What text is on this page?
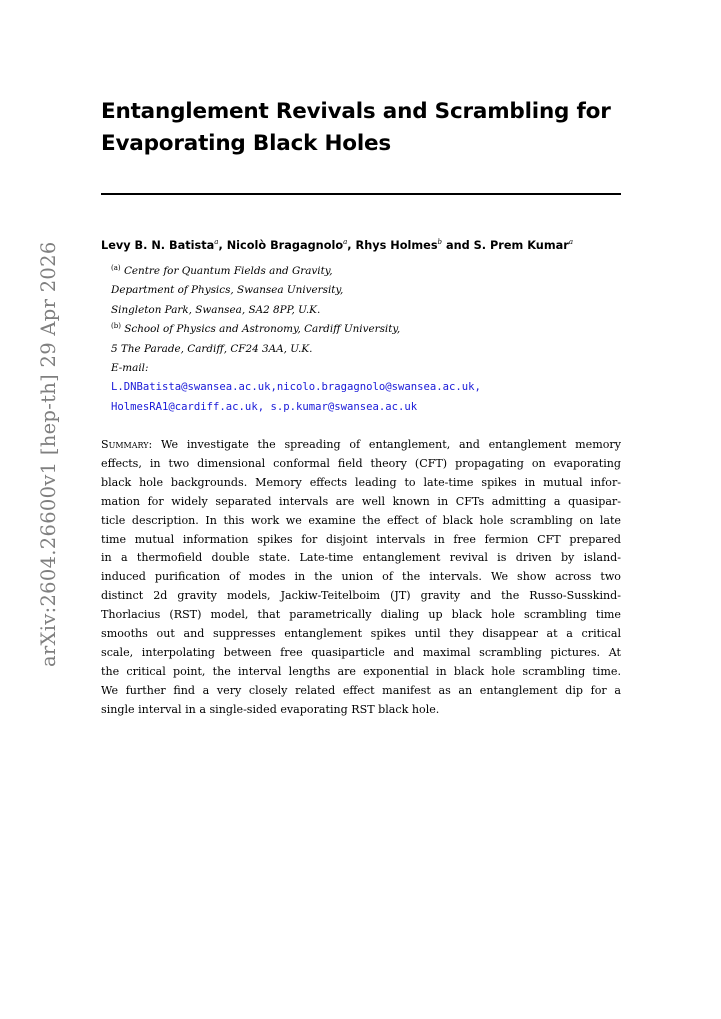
arXiv:2604.26600v1 [hep-th] 29 Apr 2026
Entanglement Revivals and Scrambling for
Evaporating Black Holes
Levy B. N. Batista$^a$, Nicolò Bragagnolo$^a$, Rhys Holmes$^b$ and S. Prem Kumar$^a$
$^{(a)}$ Centre for Quantum Fields and Gravity,
Department of Physics, Swansea University,
Singleton Park, Swansea, SA2 8PP, U.K.
$^{(b)}$ School of Physics and Astronomy, Cardiff University,
5 The Parade, Cardiff, CF24 3AA, U.K.
E-mail:
L.DNBatista@swansea.ac.uk,nicolo.bragagnolo@swansea.ac.uk,
HolmesRA1@cardiff.ac.uk, s.p.kumar@swansea.ac.uk
Summary: We investigate the spreading of entanglement, and entanglement memory
effects, in two dimensional conformal field theory (CFT) propagating on evaporating
black hole backgrounds. Memory effects leading to late-time spikes in mutual infor-
mation for widely separated intervals are well known in CFTs admitting a quasipar-
ticle description. In this work we examine the effect of black hole scrambling on late
time mutual information spikes for disjoint intervals in free fermion CFT prepared
in a thermofield double state. Late-time entanglement revival is driven by island-
induced purification of modes in the union of the intervals. We show across two
distinct 2d gravity models, Jackiw-Teitelboim (JT) gravity and the Russo-Susskind-
Thorlacius (RST) model, that parametrically dialing up black hole scrambling time
smooths out and suppresses entanglement spikes until they disappear at a critical
scale, interpolating between free quasiparticle and maximal scrambling pictures. At
the critical point, the interval lengths are exponential in black hole scrambling time.
We further find a very closely related effect manifest as an entanglement dip for a
single interval in a single-sided evaporating RST black hole.
